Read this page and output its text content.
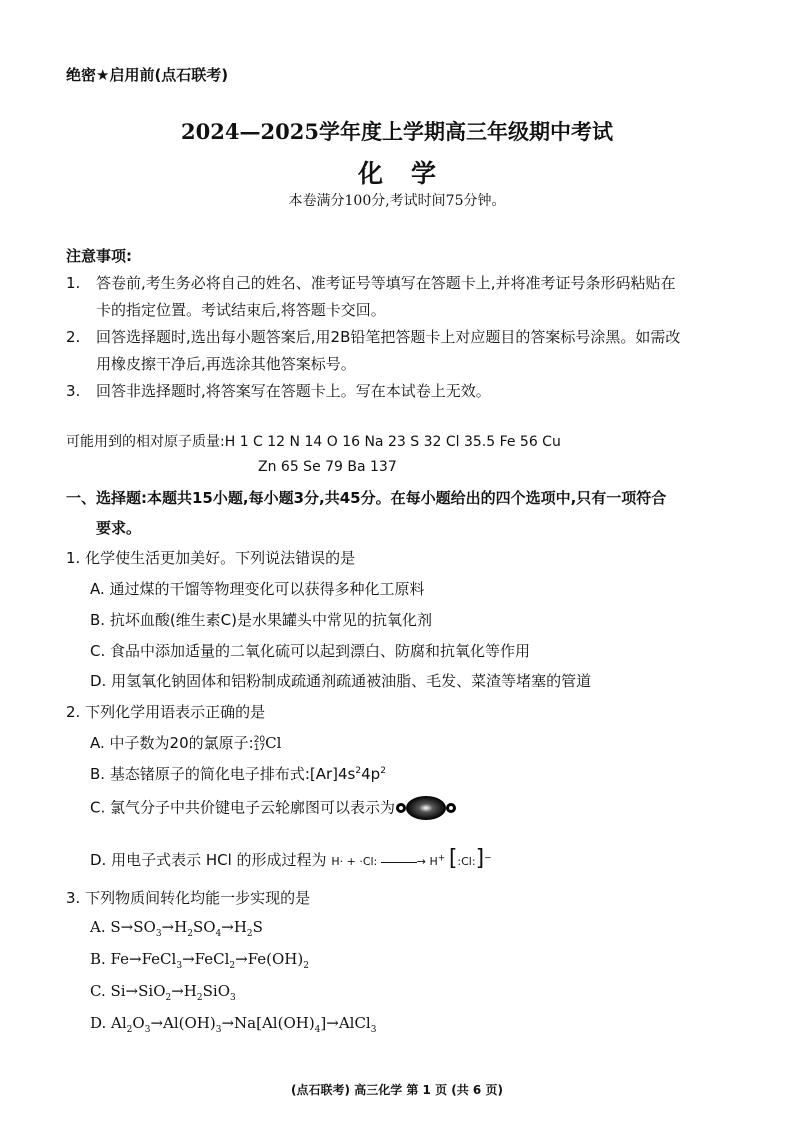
绝密★启用前(点石联考)
2024—2025学年度上学期高三年级期中考试
化学
本卷满分100分,考试时间75分钟。
注意事项:
1. 答卷前,考生务必将自己的姓名、准考证号等填写在答题卡上,并将准考证号条形码粘贴在
卡的指定位置。考试结束后,将答题卡交回。
2. 回答选择题时,选出每小题答案后,用2B铅笔把答题卡上对应题目的答案标号涂黑。如需改
用橡皮擦干净后,再选涂其他答案标号。
3. 回答非选择题时,将答案写在答题卡上。写在本试卷上无效。
可能用到的相对原子质量:H 1 C 12 N 14 O 16 Na 23 S 32 Cl 35.5 Fe 56 Cu
Zn 65 Se 79 Ba 137
一、选择题:本题共15小题,每小题3分,共45分。在每小题给出的四个选项中,只有一项符合
要求。
1. 化学使生活更加美好。下列说法错误的是
A. 通过煤的干馏等物理变化可以获得多种化工原料
B. 抗坏血酸(维生素C)是水果罐头中常见的抗氧化剂
C. 食品中添加适量的二氧化硫可以起到漂白、防腐和抗氧化等作用
D. 用氢氧化钠固体和铝粉制成疏通剂疏通被油脂、毛发、菜渣等堵塞的管道
2. 下列化学用语表示正确的是
A. 中子数为20的氯原子:20
17Cl
B. 基态锗原子的简化电子排布式$:[Ar]4s^24p^2$
C. 氯气分子中共价键电子云轮廓图可以表示为
D. 用电子式表示 HCl 的形成过程为 H· + ·Cl:	→ H+ [:Cl:]−
3. 下列物质间转化均能一步实现的是
A. $S\to SO_3\to H_2SO_4\to H_2S$
B. $Fe\to FeCl_3\to FeCl_2\to Fe(OH)_2$
C. $Si\to SiO_2\to H_2SiO_3$
D. $Al_2O_3\to Al(OH)_3\to Na[Al(OH)_4]\to AlCl_3$
(点石联考) 高三化学 第 1 页 (共 6 页)
